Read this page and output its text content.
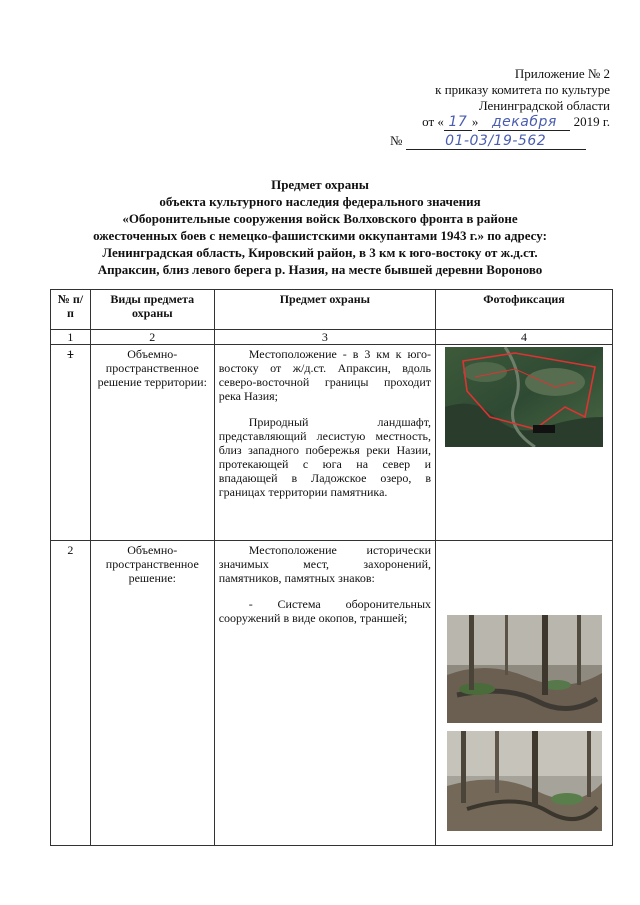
Приложение № 2
к приказу комитета по культуре
Ленинградской области
от « 17 » декабря 2019 г.
№	01-03/19-562
Предмет охраны
объекта культурного наследия федерального значения
«Оборонительные сооружения войск Волховского фронта в районе
ожесточенных боев с немецко-фашистскими оккупантами 1943 г.» по адресу:
Ленинградская область, Кировский район, в 3 км к юго-востоку от ж.д.ст.
Апраксин, близ левого берега р. Назия, на месте бывшей деревни Вороново
№ п/п	Виды предмета охраны	Предмет охраны	Фотофиксация
1	2	3	4
1	Объемно-пространственное решение территории:	Местоположение - в 3 км к юго-востоку от ж/д.ст. Апраксин, вдоль северо-восточной границы проходит река Назия;

Природный ландшафт, представляющий лесистую местность, близ западного побережья реки Назии, протекающей с юга на север и впадающей в Ладожское озеро, в границах территории памятника.

2	Объемно-пространственное решение:	Местоположение исторически значимых мест, захоронений, памятников, памятных знаков:

- Система оборонительных сооружений в виде окопов, траншей;
